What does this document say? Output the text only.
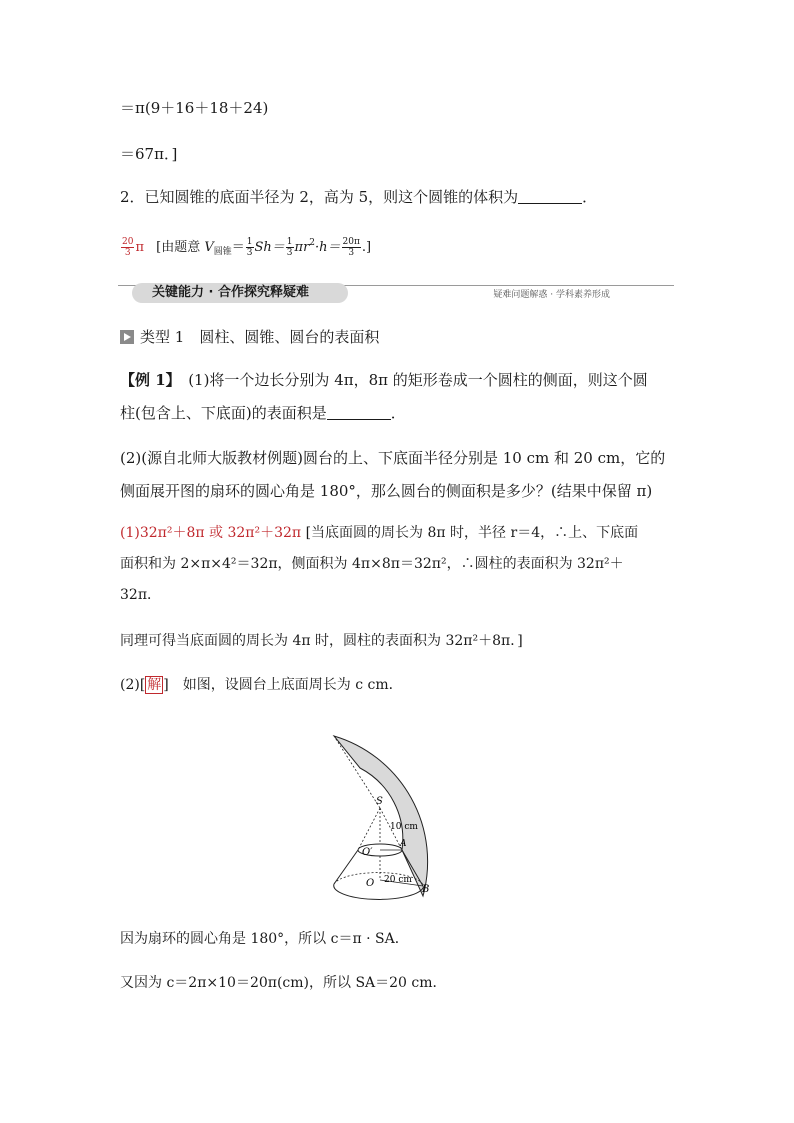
＝π(9＋16＋18＋24)
＝67π．]
2．已知圆锥的底面半径为 2，高为 5，则这个圆锥的体积为	．
$\frac{20}{3}$ π [由题意 $V_{圆锥}= \frac{1}{3} Sh= \frac{1}{3} \pi r^2\cdot h= \frac{20\pi}{3}$ .]
关键能力 · 合作探究释疑难	疑难问题解惑 · 学科素养形成
类型 1　 圆柱、圆锥、圆台的表面积
【例 1】　 (1)将一个边长分别为 4π，8π 的矩形卷成一个圆柱的侧面，则这个圆
柱(包含上、下底面)的表面积是	．
(2)(源自北师大版教材例题)圆台的上、下底面半径分别是 10 cm 和 20 cm，它的
侧面展开图的扇环的圆心角是 180°，那么圆台的侧面积是多少？(结果中保留 π)
(1)32π²＋8π 或 32π²＋32π [当底面圆的周长为 8π 时，半径 r＝4，∴上、下底面
面积和为 2×π×4²＝32π，侧面积为 4π×8π＝32π²，∴圆柱的表面积为 32π²＋
32π．
同理可得当底面圆的周长为 4π 时，圆柱的表面积为 32π²＋8π．]
(2)[ 解 ]　如图，设圆台上底面周长为 c cm．
S
10 cm
A
O′
20 cm
O
B
因为扇环的圆心角是 180°，所以 c＝π · SA．
又因为 c＝2π×10＝20π(cm)，所以 SA＝20 cm．
